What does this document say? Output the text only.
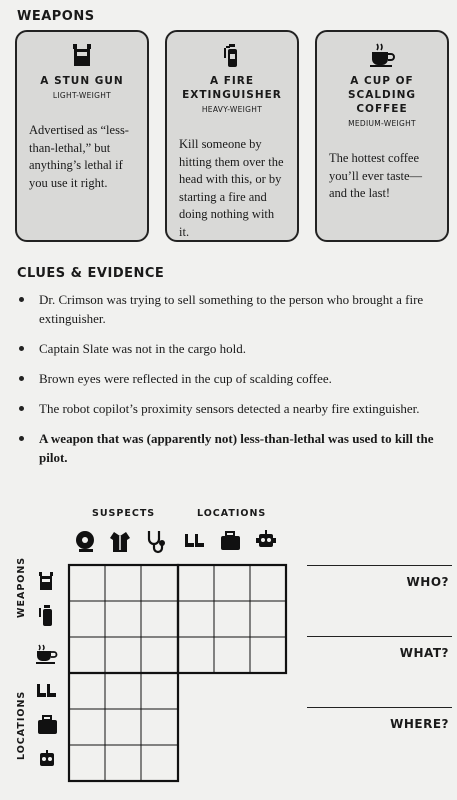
WEAPONS
A STUN GUN
LIGHT-WEIGHT
Advertised as “less-than-lethal,” but anything’s lethal if you use it right.
A FIRE EXTINGUISHER
HEAVY-WEIGHT
Kill someone by hitting them over the head with this, or by starting a fire and doing nothing with it.
A CUP OF SCALDING COFFEE
MEDIUM-WEIGHT
The hottest coffee you’ll ever taste—and the last!
CLUES & EVIDENCE
Dr. Crimson was trying to sell something to the person who brought a fire extinguisher.
Captain Slate was not in the cargo hold.
Brown eyes were reflected in the cup of scalding coffee.
The robot copilot’s proximity sensors detected a nearby fire extinguisher.
A weapon that was (apparently not) less-than-lethal was used to kill the pilot.
SUSPECTS	LOCATIONS
WEAPONS
LOCATIONS
WHO?
WHAT?
WHERE?
